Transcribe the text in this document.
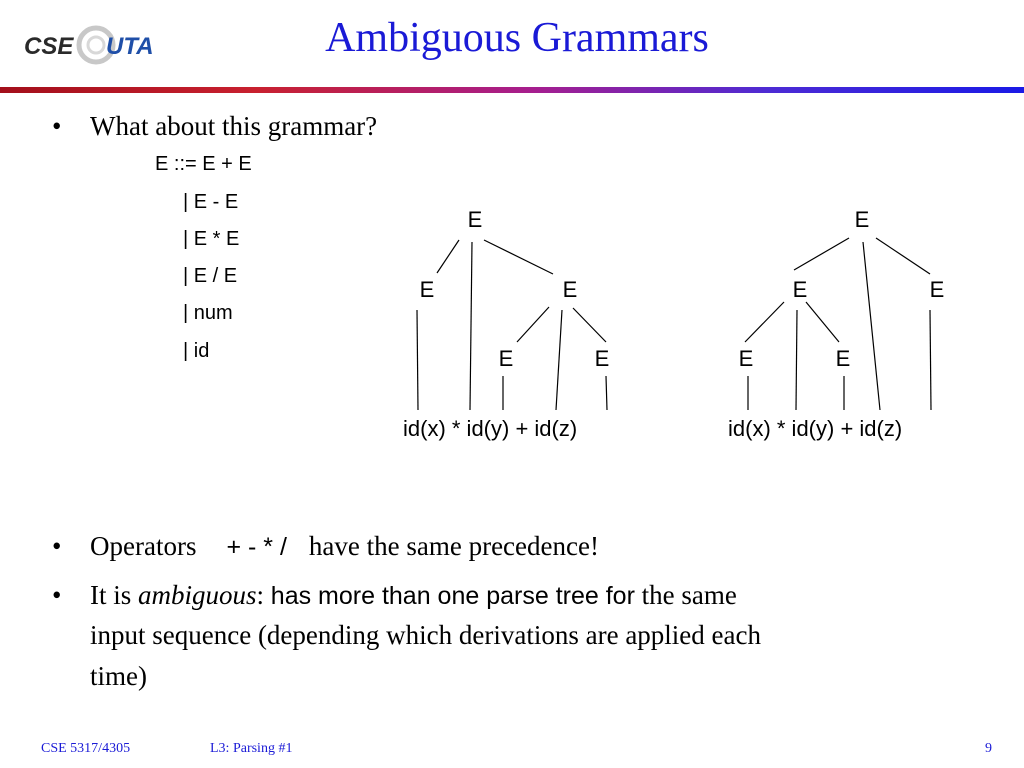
CSE UTA	Ambiguous Grammars
• What about this grammar?
E ::= E + E
| E - E
| E * E
| E / E
| num
| id
E
E	E
E	E
id(x) * id(y) + id(z)
E
E	E
E	E
id(x) * id(y) + id(z)
• Operators + - * / have the same precedence!
• It is ambiguous: has more than one parse tree for the same
input sequence (depending which derivations are applied each
time)
CSE 5317/4305	L3: Parsing #1	9
